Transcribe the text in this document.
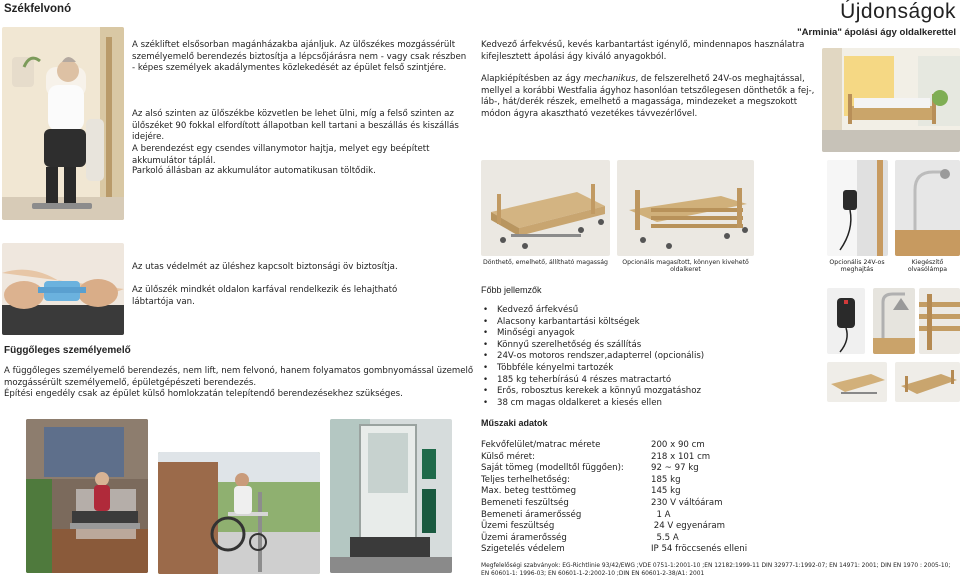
Székfelvonó

A székliftet elsősorban magánházakba ajánljuk. Az ülőszékes mozgássérült személyemelő berendezés biztosítja a lépcsőjárásra nem - vagy csak részben - képes személyek akadálymentes közlekedését az épület felső szintjére.

Az alsó szinten az ülőszékbe közvetlen be lehet ülni, míg a felső szinten az ülőszéket 90 fokkal elfordított állapotban kell tartani a beszállás és kiszállás idejére.

A berendezést egy csendes villanymotor hajtja, melyet egy beépített akkumulátor táplál.

Parkoló állásban az akkumulátor automatikusan töltődik.

Az utas védelmét az üléshez kapcsolt biztonsági öv biztosítja.

Az ülőszék mindkét oldalon karfával rendelkezik és lehajtható lábtartója van.

Függőleges személyemelő

A függőleges személyemelő berendezés, nem lift, nem felvonó, hanem folyamatos gombnyomással üzemelő mozgássérült személyemelő, épületgépészeti berendezés.

Építési engedély csak az épület külső homlokzatán telepítendő berendezésekhez szükséges.

Újdonságok

"Arminia" ápolási ágy oldalkerettel

Kedvező árfekvésű, kevés karbantartást igénylő, mindennapos használatra kifejlesztett ápolási ágy kiváló anyagokból.

Alapkiépítésben az ágy mechanikus, de felszerelhető 24V-os meghajtással, mellyel a korábbi Westfalia ágyhoz hasonlóan tetszőlegesen dönthetők a fej-, láb-, hát/derék részek, emelhető a magassága, mindezeket a megszokott módon ágyra akasztható vezetékes távvezérlővel.

Dönthető, emelhető, állítható magasság	Opcionális magasított, könnyen kivehető oldalkeret

Opcionális 24V-os meghajtás

Kiegészítő olvasólámpa

Főbb jellemzők
• Kedvező árfekvésű
• Alacsony karbantartási költségek
• Minőségi anyagok
• Könnyű szerelhetőség és szállítás
• 24V-os motoros rendszer,adapterrel (opcionális)
• Többféle kényelmi tartozék
• 185 kg teherbírású 4 részes matractartó
• Erős, robosztus kerekek a könnyű mozgatáshoz
• 38 cm magas oldalkeret a kiesés ellen
Műszaki adatok
Fekvőfelület/matrac mérete	200 x 90 cm
Külső méret:	218 x 101 cm
Saját tömeg (modelltől függően):	92 ~ 97 kg
Teljes terhelhetőség:	185 kg
Max. beteg testtömeg	145 kg
Bemeneti feszültség	230 V váltóáram
Bemeneti áramerősség	1 A
Üzemi feszültség	24 V egyenáram
Üzemi áramerősség	5.5 A
Szigetelés védelem	IP 54 fröccsenés elleni

Megfelelőségi szabványok: EG-Richtlinie 93/42/EWG ;VDE 0751-1:2001-10 ;EN 12182:1999-11 DIN 32977-1:1992-07; EN 14971: 2001; DIN EN 1970 : 2005-10; EN 60601-1: 1996-03; EN 60601-1-2:2002-10 ;DIN EN 60601-2-38/A1: 2001
